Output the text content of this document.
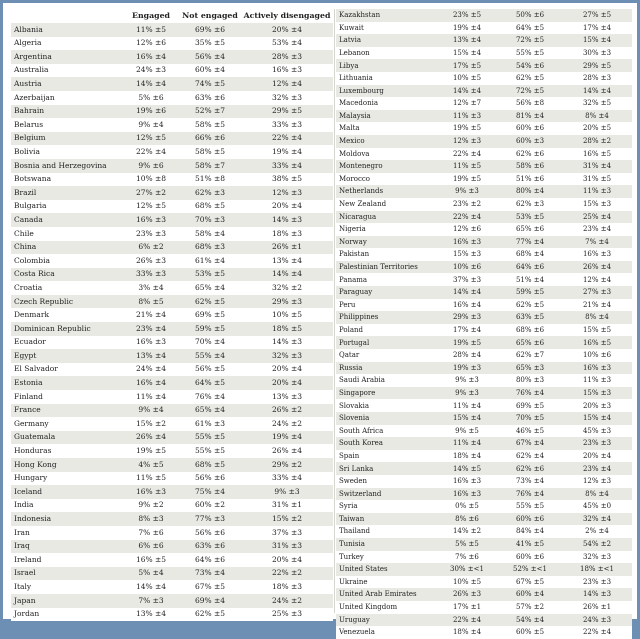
	Engaged	Not engaged	Actively disengaged
Albania	11% ±5	69% ±6	20% ±4
Algeria	12% ±6	35% ±5	53% ±4
Argentina	16% ±4	56% ±4	28% ±3
Australia	24% ±3	60% ±4	16% ±3
Austria	14% ±4	74% ±5	12% ±4
Azerbaijan	5% ±6	63% ±6	32% ±3
Bahrain	19% ±6	52% ±7	29% ±5
Belarus	9% ±4	58% ±5	33% ±3
Belgium	12% ±5	66% ±6	22% ±4
Bolivia	22% ±4	58% ±5	19% ±4
Bosnia and Herzegovina	9% ±6	58% ±7	33% ±4
Botswana	10% ±8	51% ±8	38% ±5
Brazil	27% ±2	62% ±3	12% ±3
Bulgaria	12% ±5	68% ±5	20% ±4
Canada	16% ±3	70% ±3	14% ±3
Chile	23% ±3	58% ±4	18% ±3
China	6% ±2	68% ±3	26% ±1
Colombia	26% ±3	61% ±4	13% ±4
Costa Rica	33% ±3	53% ±5	14% ±4
Croatia	3% ±4	65% ±4	32% ±2
Czech Republic	8% ±5	62% ±5	29% ±3
Denmark	21% ±4	69% ±5	10% ±5
Dominican Republic	23% ±4	59% ±5	18% ±5
Ecuador	16% ±3	70% ±4	14% ±3
Egypt	13% ±4	55% ±4	32% ±3
El Salvador	24% ±4	56% ±5	20% ±4
Estonia	16% ±4	64% ±5	20% ±4
Finland	11% ±4	76% ±4	13% ±3
France	9% ±4	65% ±4	26% ±2
Germany	15% ±2	61% ±3	24% ±2
Guatemala	26% ±4	55% ±5	19% ±4
Honduras	19% ±5	55% ±5	26% ±4
Hong Kong	4% ±5	68% ±5	29% ±2
Hungary	11% ±5	56% ±6	33% ±4
Iceland	16% ±3	75% ±4	9% ±3
India	9% ±2	60% ±2	31% ±1
Indonesia	8% ±3	77% ±3	15% ±2
Iran	7% ±6	56% ±6	37% ±3
Iraq	6% ±6	63% ±6	31% ±3
Ireland	16% ±5	64% ±6	20% ±4
Israel	5% ±4	73% ±4	22% ±2
Italy	14% ±4	67% ±5	18% ±3
Japan	7% ±3	69% ±4	24% ±2
Jordan	13% ±4	62% ±5	25% ±3
Kazakhstan	23% ±5	50% ±6	27% ±5
Kuwait	19% ±4	64% ±5	17% ±4
Latvia	13% ±4	72% ±5	15% ±4
Lebanon	15% ±4	55% ±5	30% ±3
Libya	17% ±5	54% ±6	29% ±5
Lithuania	10% ±5	62% ±5	28% ±3
Luxembourg	14% ±4	72% ±5	14% ±4
Macedonia	12% ±7	56% ±8	32% ±5
Malaysia	11% ±3	81% ±4	8% ±4
Malta	19% ±5	60% ±6	20% ±5
Mexico	12% ±3	60% ±3	28% ±2
Moldova	22% ±4	62% ±6	16% ±5
Montenegro	11% ±5	58% ±6	31% ±4
Morocco	19% ±5	51% ±6	31% ±5
Netherlands	9% ±3	80% ±4	11% ±3
New Zealand	23% ±2	62% ±3	15% ±3
Nicaragua	22% ±4	53% ±5	25% ±4
Nigeria	12% ±6	65% ±6	23% ±4
Norway	16% ±3	77% ±4	7% ±4
Pakistan	15% ±3	68% ±4	16% ±3
Palestinian Territories	10% ±6	64% ±6	26% ±4
Panama	37% ±3	51% ±4	12% ±4
Paraguay	14% ±4	59% ±5	27% ±3
Peru	16% ±4	62% ±5	21% ±4
Philippines	29% ±3	63% ±5	8% ±4
Poland	17% ±4	68% ±6	15% ±5
Portugal	19% ±5	65% ±6	16% ±5
Qatar	28% ±4	62% ±7	10% ±6
Russia	19% ±3	65% ±3	16% ±3
Saudi Arabia	9% ±3	80% ±3	11% ±3
Singapore	9% ±3	76% ±4	15% ±3
Slovakia	11% ±4	69% ±5	20% ±3
Slovenia	15% ±4	70% ±5	15% ±4
South Africa	9% ±5	46% ±5	45% ±3
South Korea	11% ±4	67% ±4	23% ±3
Spain	18% ±4	62% ±4	20% ±4
Sri Lanka	14% ±5	62% ±6	23% ±4
Sweden	16% ±3	73% ±4	12% ±3
Switzerland	16% ±3	76% ±4	8% ±4
Syria	0% ±5	55% ±5	45% ±0
Taiwan	8% ±6	60% ±6	32% ±4
Thailand	14% ±2	84% ±4	2% ±4
Tunisia	5% ±5	41% ±5	54% ±2
Turkey	7% ±6	60% ±6	32% ±3
United States	30% ±<1	52% ±<1	18% ±<1
Ukraine	10% ±5	67% ±5	23% ±3
United Arab Emirates	26% ±3	60% ±4	14% ±3
United Kingdom	17% ±1	57% ±2	26% ±1
Uruguay	22% ±4	54% ±4	24% ±3
Venezuela	18% ±4	60% ±5	22% ±4
